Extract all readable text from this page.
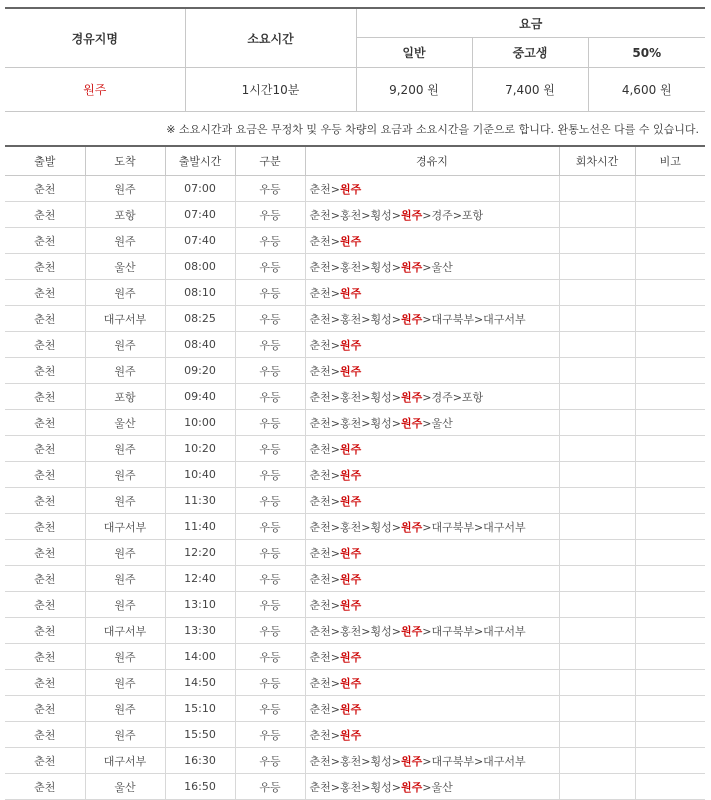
경유지명	소요시간	요금		
		일반	중고생	50%
원주	1시간10분	9,200 원	7,400 원	4,600 원
※ 소요시간과 요금은 무정차 및 우등 차량의 요금과 소요시간을 기준으로 합니다. 완통노선은 다를 수 있습니다.
출발	도착	출발시간	구분	경유지	회차시간	비고
춘천	원주	07:00	우등	춘천>원주		
춘천	포항	07:40	우등	춘천>홍천>횡성>원주>경주>포항		
춘천	원주	07:40	우등	춘천>원주		
춘천	울산	08:00	우등	춘천>홍천>횡성>원주>울산		
춘천	원주	08:10	우등	춘천>원주		
춘천	대구서부	08:25	우등	춘천>홍천>횡성>원주>대구북부>대구서부		
춘천	원주	08:40	우등	춘천>원주		
춘천	원주	09:20	우등	춘천>원주		
춘천	포항	09:40	우등	춘천>홍천>횡성>원주>경주>포항		
춘천	울산	10:00	우등	춘천>홍천>횡성>원주>울산		
춘천	원주	10:20	우등	춘천>원주		
춘천	원주	10:40	우등	춘천>원주		
춘천	원주	11:30	우등	춘천>원주		
춘천	대구서부	11:40	우등	춘천>홍천>횡성>원주>대구북부>대구서부		
춘천	원주	12:20	우등	춘천>원주		
춘천	원주	12:40	우등	춘천>원주		
춘천	원주	13:10	우등	춘천>원주		
춘천	대구서부	13:30	우등	춘천>홍천>횡성>원주>대구북부>대구서부		
춘천	원주	14:00	우등	춘천>원주		
춘천	원주	14:50	우등	춘천>원주		
춘천	원주	15:10	우등	춘천>원주		
춘천	원주	15:50	우등	춘천>원주		
춘천	대구서부	16:30	우등	춘천>홍천>횡성>원주>대구북부>대구서부		
춘천	울산	16:50	우등	춘천>홍천>횡성>원주>울산		
